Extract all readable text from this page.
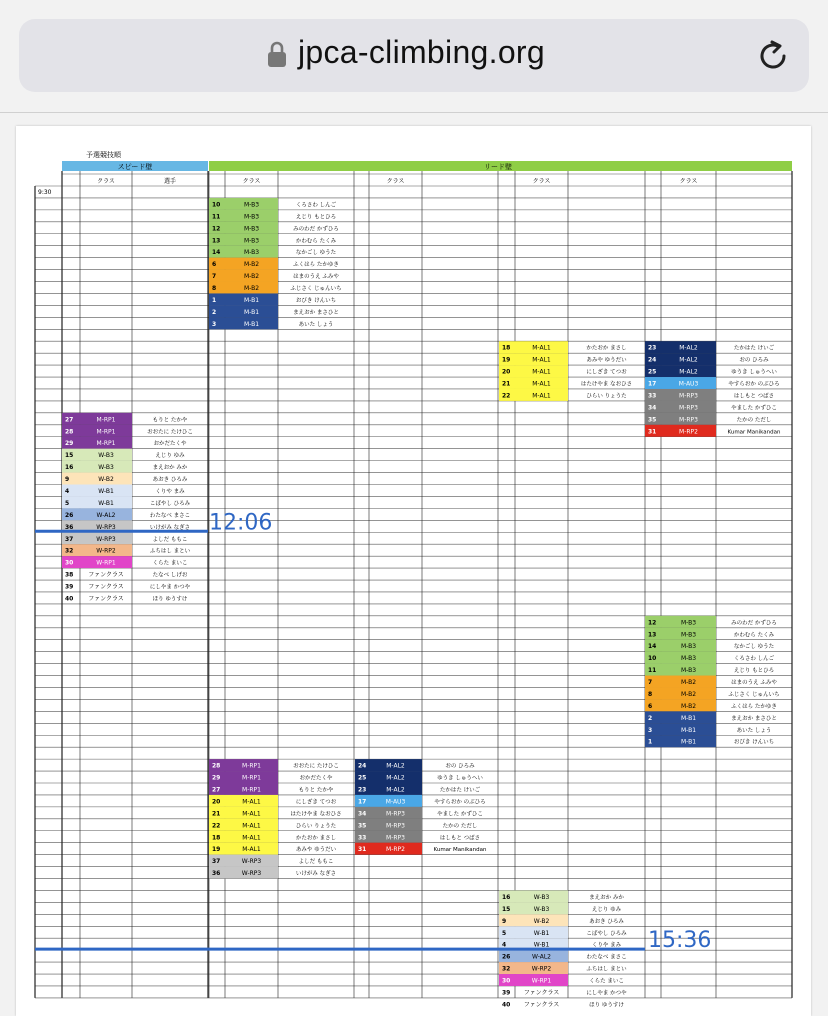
jpca-climbing.org
予選競技順
スピード壁	リード壁
9:30
クラス	選手	クラス	クラス	クラス	クラス
10	M-B3	くろさわ しんご
11	M-B3	えじり もとひろ
12	M-B3	みのわだ かずひろ
13	M-B3	かわむら たくみ
14	M-B3	なかごし ゆうた
6	M-B2	ふくはら たかゆき
7	M-B2	はまのうえ ふみや
8	M-B2	ふじさく じゅんいち
1	M-B1	おびき けんいち
2	M-B1	まえおか まさひと
3	M-B1	あいた しょう
18	M-AL1	かたおか まさし
19	M-AL1	あみや ゆうだい
20	M-AL1	にしざき てつお
21	M-AL1	はたけやま なおひさ
22	M-AL1	ひらい りょうた
23	M-AL2	たかはた けいご
24	M-AL2	おの ひろみ
25	M-AL2	ゆうき しゅうへい
17	M-AU3	やすらおか のぶひろ
33	M-RP3	はしもと つばさ
34	M-RP3	やました かずひこ
35	M-RP3	たかの ただし
31	M-RP2	Kumar Manikandan
27	M-RP1	もりと たかや
28	M-RP1	おおたに たけひこ
29	M-RP1	おかだたくや
15	W-B3	えじり ゆみ
16	W-B3	まえおか みか
9	W-B2	あおき ひろみ
4	W-B1	くりや まみ
5	W-B1	こばやし ひろみ
26	W-AL2	わたなべ まさこ
36	W-RP3	いけがみ なぎさ
37	W-RP3	よしだ ももこ
32	W-RP2	ふちはし まとい
30	W-RP1	くらた まいこ
38 ファンクラス	たなべ しげお
39 ファンクラス	にしやま かつや
40 ファンクラス	ほり ゆうすけ
12	M-B3	みのわだ かずひろ
13	M-B3	かわむら たくみ
14	M-B3	なかごし ゆうた
10	M-B3	くろさわ しんご
11	M-B3	えじり もとひろ
7	M-B2	はまのうえ ふみや
8	M-B2	ふじさく じゅんいち
6	M-B2	ふくはら たかゆき
2	M-B1	まえおか まさひと
3	M-B1	あいた しょう
1	M-B1	おびき けんいち
28	M-RP1	おおたに たけひこ
29	M-RP1	おかだたくや
27	M-RP1	もりと たかや
20	M-AL1	にしざき てつお
21	M-AL1	はたけやま なおひさ
22	M-AL1	ひらい りょうた
18	M-AL1	かたおか まさし
19	M-AL1	あみや ゆうだい
37	W-RP3	よしだ ももこ
36	W-RP3	いけがみ なぎさ
24	M-AL2	おの ひろみ
25	M-AL2	ゆうき しゅうへい
23	M-AL2	たかはた けいご
17	M-AU3	やすらおか のぶひろ
34	M-RP3	やました かずひこ
35	M-RP3	たかの ただし
33	M-RP3	はしもと つばさ
31	M-RP2	Kumar Manikandan
16	W-B3	まえおか みか
15	W-B3	えじり ゆみ
9	W-B2	あおき ひろみ
5	W-B1	こばやし ひろみ
4	W-B1	くりや まみ
26	W-AL2	わたなべ まさこ
32	W-RP2	ふちはし まとい
30	W-RP1	くらた まいこ
39 ファンクラス	にしやま かつや
40 ファンクラス	ほり ゆうすけ
12:06
15:36
